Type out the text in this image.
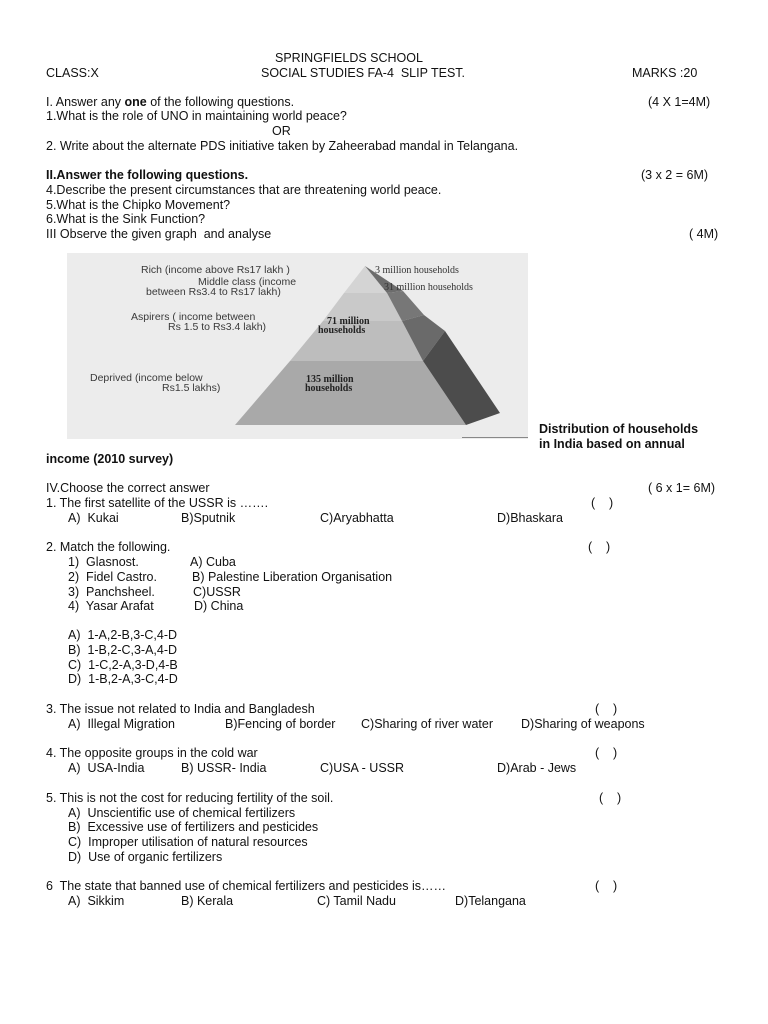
SPRINGFIELDS SCHOOL
CLASS:X	SOCIAL STUDIES FA-4  SLIP TEST.	MARKS :20
I. Answer any one of the following questions.	(4 X 1=4M)
1.What is the role of UNO in maintaining world peace?
OR
2. Write about the alternate PDS initiative taken by Zaheerabad mandal in Telangana.
II.Answer the following questions.	(3 x 2 = 6M)
4.Describe the present circumstances that are threatening world peace.
5.What is the Chipko Movement?
6.What is the Sink Function?
III Observe the given graph  and analyse	( 4M)
Rich (income above Rs17 lakh )
Middle class (income
between Rs3.4 to Rs17 lakh)
Aspirers ( income between
Rs 1.5 to Rs3.4 lakh)
Deprived (income below
Rs1.5 lakhs)
3 million households
31 million households
71 million
households
135 million
households
Distribution of households
in India based on annual
income (2010 survey)
IV.Choose the correct answer	( 6 x 1= 6M)
1. The first satellite of the USSR is …….	(    )
A)  Kukai	B)Sputnik	C)Aryabhatta	D)Bhaskara
2. Match the following.	(    )
1)  Glasnost.	A) Cuba
2)  Fidel Castro.	B) Palestine Liberation Organisation
3)  Panchsheel.	C)USSR
4)  Yasar Arafat	D) China
A)  1-A,2-B,3-C,4-D
B)  1-B,2-C,3-A,4-D
C)  1-C,2-A,3-D,4-B
D)  1-B,2-A,3-C,4-D
3. The issue not related to India and Bangladesh	(    )
A)  Illegal Migration	B)Fencing of border C)Sharing of river water D)Sharing of weapons
4. The opposite groups in the cold war	(    )
A)  USA-India	B) USSR- India	C)USA - USSR	D)Arab - Jews
5. This is not the cost for reducing fertility of the soil.	(    )
A)  Unscientific use of chemical fertilizers
B)  Excessive use of fertilizers and pesticides
C)  Improper utilisation of natural resources
D)  Use of organic fertilizers
6  The state that banned use of chemical fertilizers and pesticides is……	(    )
A)  Sikkim	B) Kerala	C) Tamil Nadu	D)Telangana
